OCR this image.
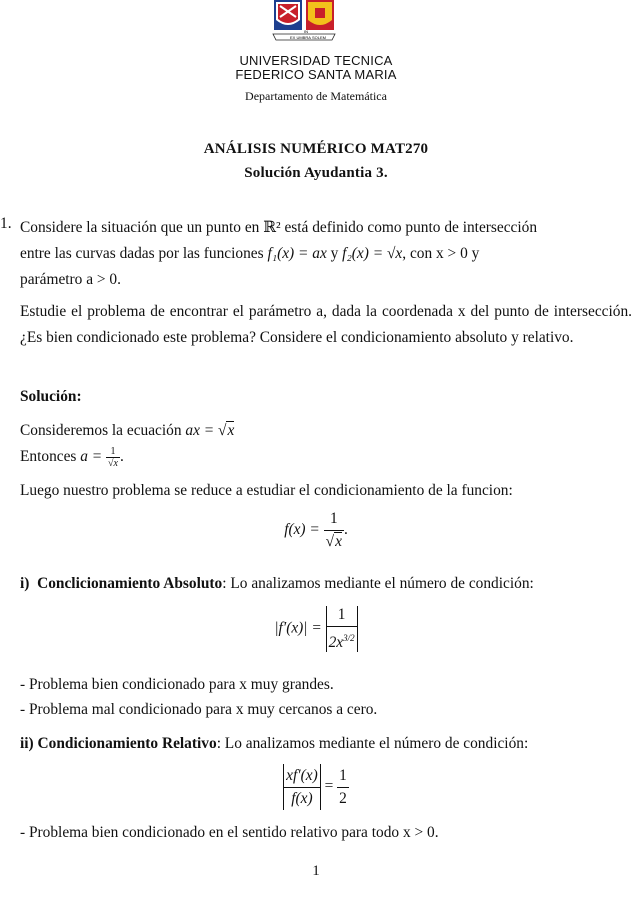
EX UMBRA
IN
SOLEM
UNIVERSIDAD TECNICA
FEDERICO SANTA MARIA
Departamento de Matemática
ANÁLISIS NUMÉRICO MAT270
Solución Ayudantia 3.
1. Considere la situación que un punto en ℝ² está definido como punto de intersección
entre las curvas dadas por las funciones f₁(x) = ax y f₂(x) = √x, con x > 0 y
parámetro a > 0.
Estudie el problema de encontrar el parámetro a, dada la coordenada x del punto de intersección. ¿Es bien condicionado este problema? Considere el condicionamiento absoluto y relativo.
Solución:
Consideremos la ecuación ax = √x
Entonces $a = \frac{1}{√x}$ .
Luego nuestro problema se reduce a estudiar el condicionamiento de la funcion:
$f(x) = \frac{1}{√x}$ .
i) Conclicionamiento Absoluto: Lo analizamos mediante el número de condición:
$|f'(x)| = \frac{1}{2x^{3/2}}$
- Problema bien condicionado para x muy grandes.
- Problema mal condicionado para x muy cercanos a cero.
ii) Condicionamiento Relativo: Lo analizamos mediante el número de condición:
$\frac{xf'(x)}{f(x)} = \frac{1}{2}$
- Problema bien condicionado en el sentido relativo para todo x > 0.
1
